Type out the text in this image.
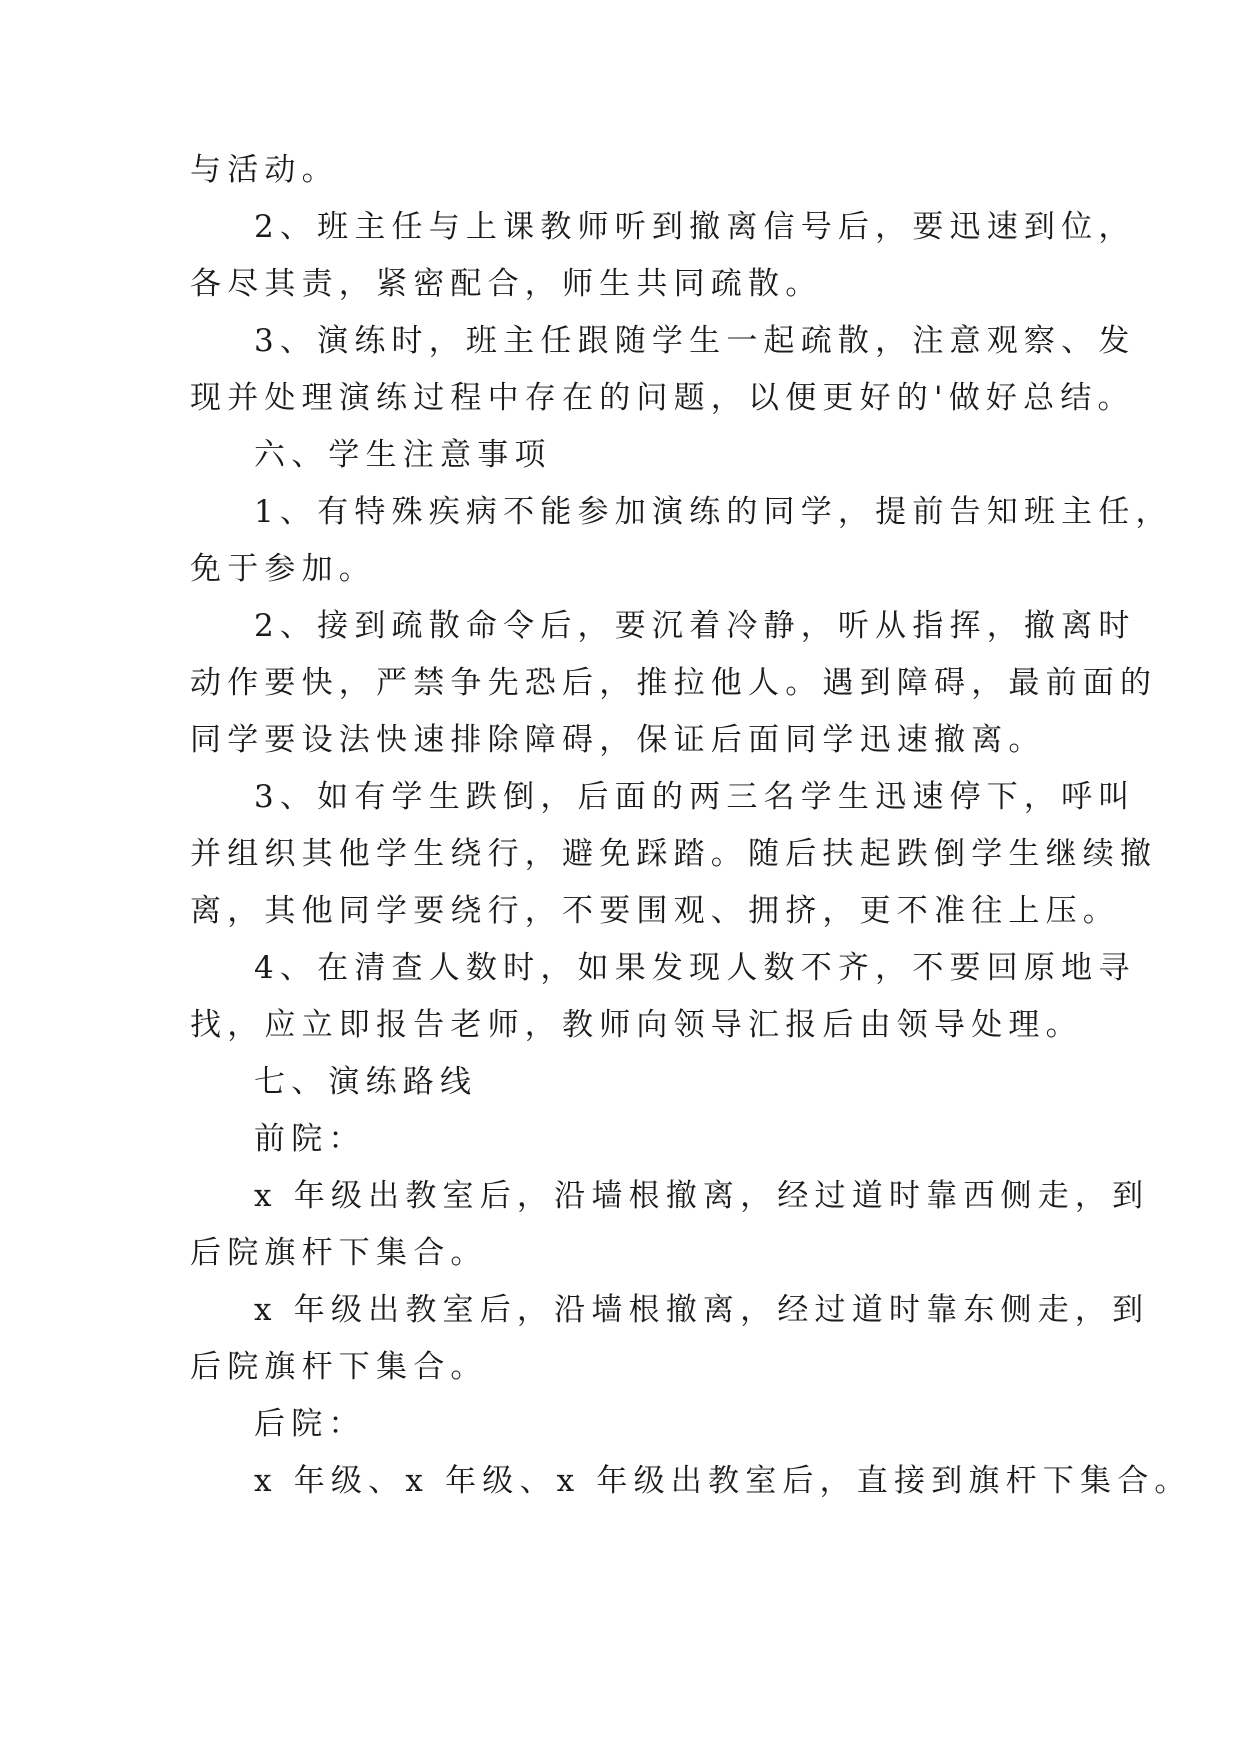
与活动。
2、班主任与上课教师听到撤离信号后，要迅速到位，
各尽其责，紧密配合，师生共同疏散。
3、演练时，班主任跟随学生一起疏散，注意观察、发
现并处理演练过程中存在的问题，以便更好的'做好总结。
六、学生注意事项
1、有特殊疾病不能参加演练的同学，提前告知班主任，
免于参加。
2、接到疏散命令后，要沉着冷静，听从指挥，撤离时
动作要快，严禁争先恐后，推拉他人。遇到障碍，最前面的
同学要设法快速排除障碍，保证后面同学迅速撤离。
3、如有学生跌倒，后面的两三名学生迅速停下，呼叫
并组织其他学生绕行，避免踩踏。随后扶起跌倒学生继续撤
离，其他同学要绕行，不要围观、拥挤，更不准往上压。
4、在清查人数时，如果发现人数不齐，不要回原地寻
找，应立即报告老师，教师向领导汇报后由领导处理。
七、演练路线
前院：
x 年级出教室后，沿墙根撤离，经过道时靠西侧走，到
后院旗杆下集合。
x 年级出教室后，沿墙根撤离，经过道时靠东侧走，到
后院旗杆下集合。
后院：
x 年级、x 年级、x 年级出教室后，直接到旗杆下集合。
